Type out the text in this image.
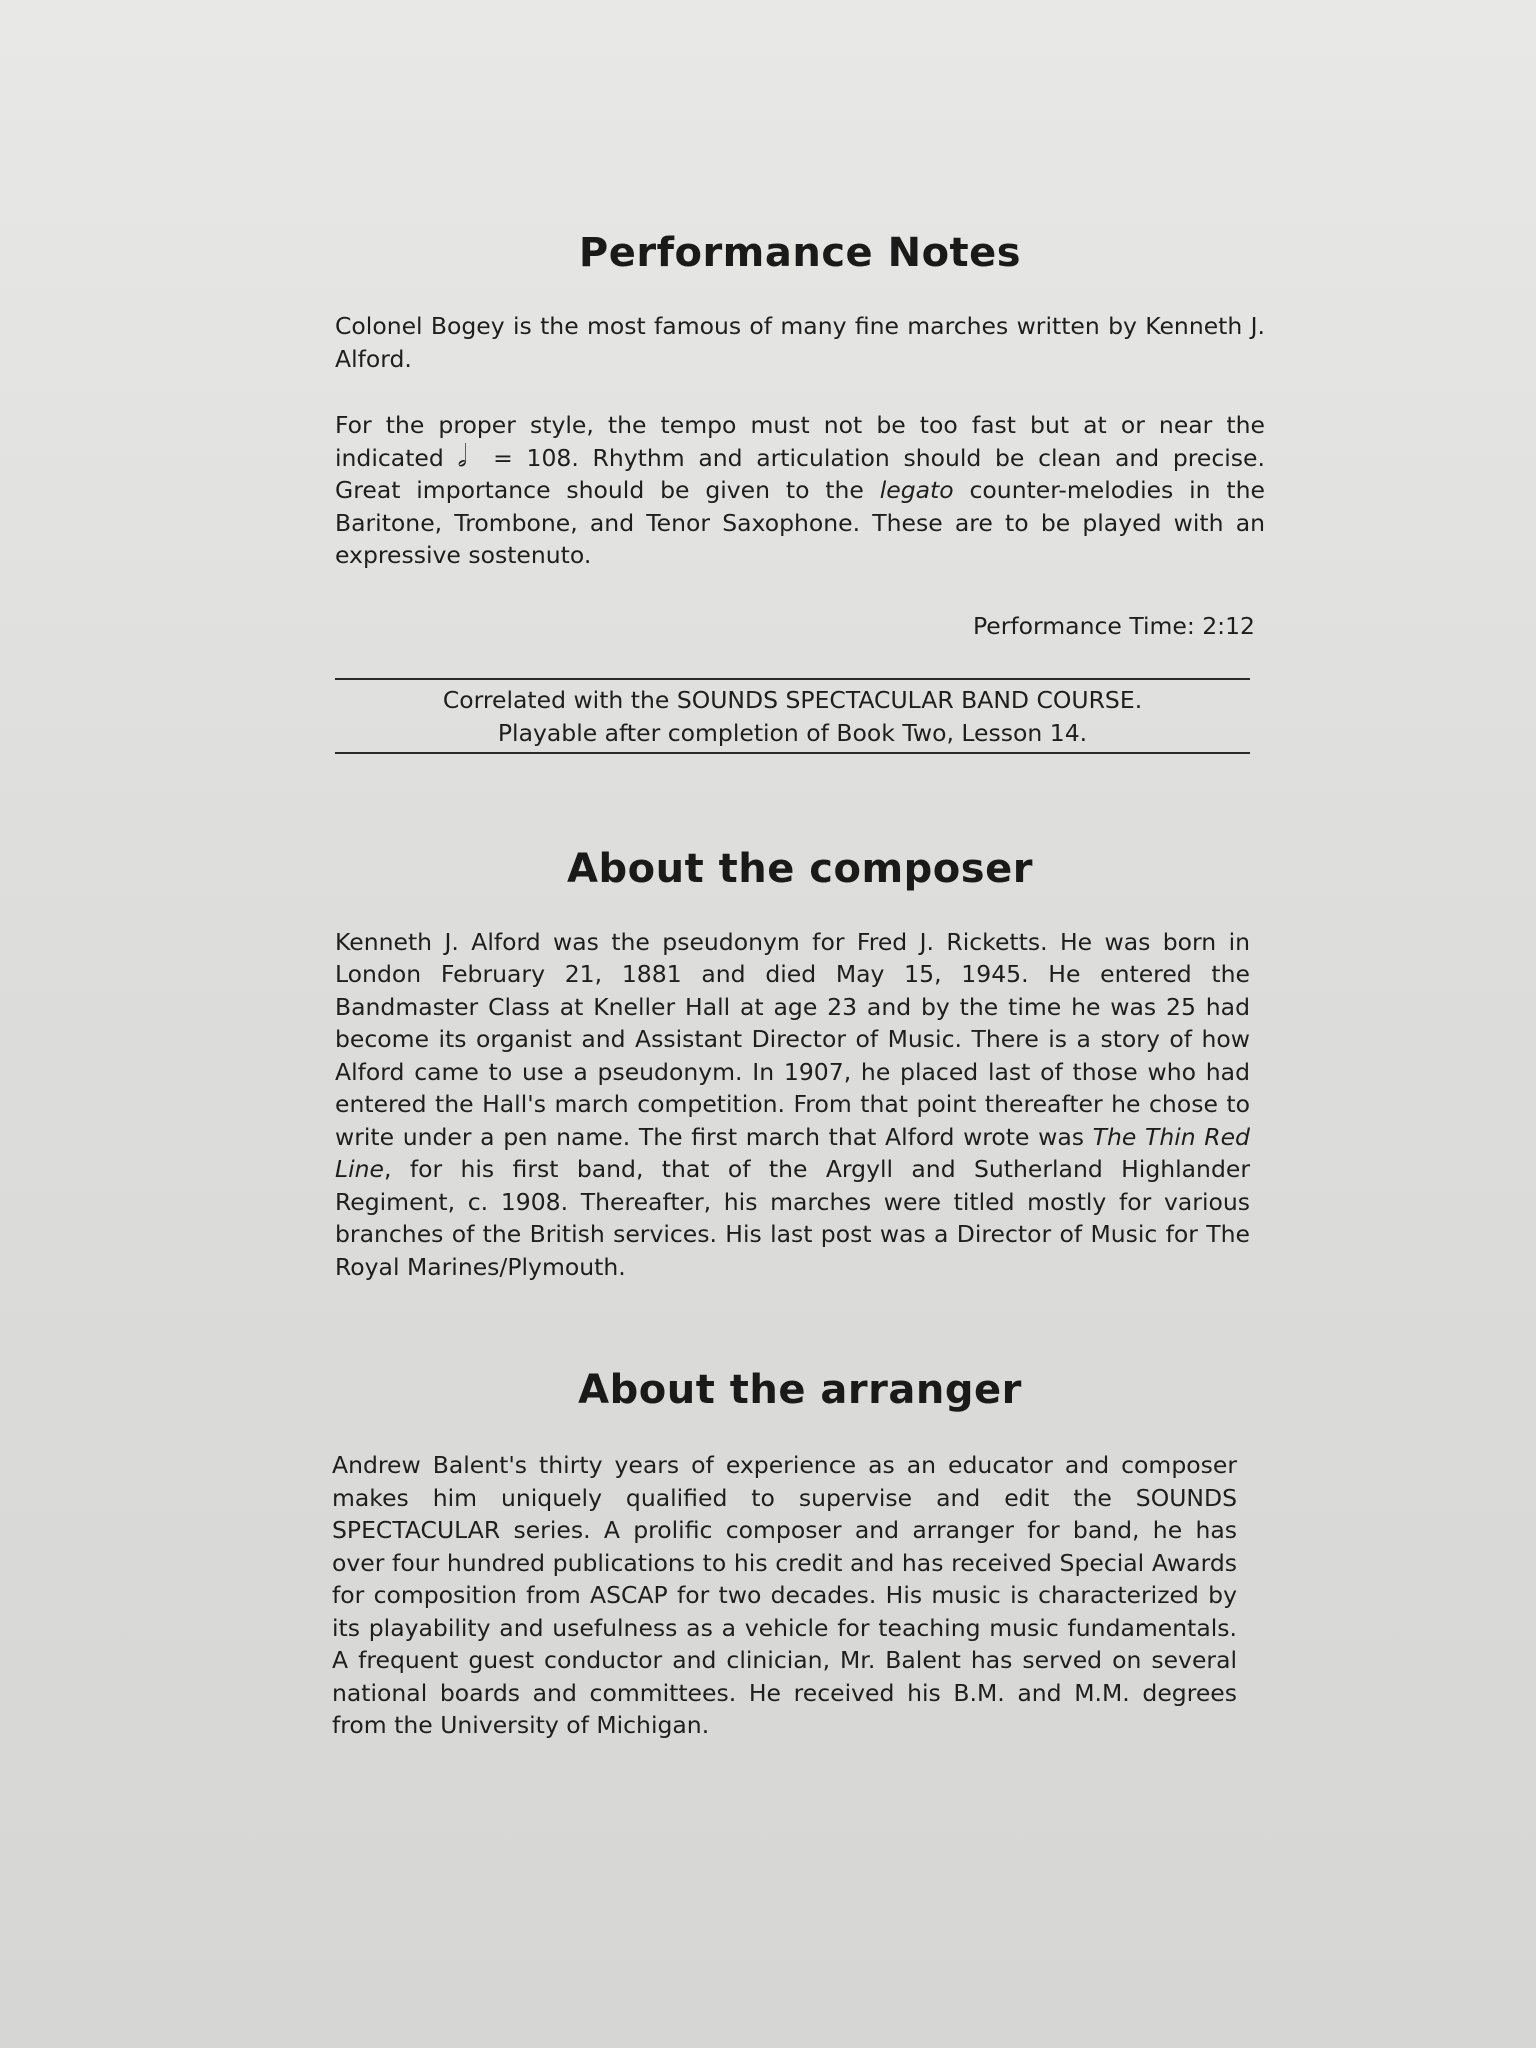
Performance Notes

Colonel Bogey is the most famous of many fine marches written by Kenneth J. Alford.

For the proper style, the tempo must not be too fast but at or near the indicated 𝅗𝅥 = 108. Rhythm and articulation should be clean and precise. Great importance should be given to the legato counter-melodies in the Baritone, Trombone, and Tenor Saxophone. These are to be played with an expressive sostenuto.

Performance Time: 2:12
Correlated with the SOUNDS SPECTACULAR BAND COURSE.
Playable after completion of Book Two, Lesson 14.
About the composer

Kenneth J. Alford was the pseudonym for Fred J. Ricketts. He was born in London February 21, 1881 and died May 15, 1945. He entered the Bandmaster Class at Kneller Hall at age 23 and by the time he was 25 had become its organist and Assistant Director of Music. There is a story of how Alford came to use a pseudonym. In 1907, he placed last of those who had entered the Hall's march competition. From that point thereafter he chose to write under a pen name. The first march that Alford wrote was The Thin Red Line, for his first band, that of the Argyll and Sutherland Highlander Regiment, c. 1908. Thereafter, his marches were titled mostly for various branches of the British services. His last post was a Director of Music for The Royal Marines/Plymouth.

About the arranger

Andrew Balent's thirty years of experience as an educator and composer makes him uniquely qualified to supervise and edit the SOUNDS SPECTACULAR series. A prolific composer and arranger for band, he has over four hundred publications to his credit and has received Special Awards for composition from ASCAP for two decades. His music is characterized by its playability and usefulness as a vehicle for teaching music fundamentals. A frequent guest conductor and clinician, Mr. Balent has served on several national boards and committees. He received his B.M. and M.M. degrees from the University of Michigan.
